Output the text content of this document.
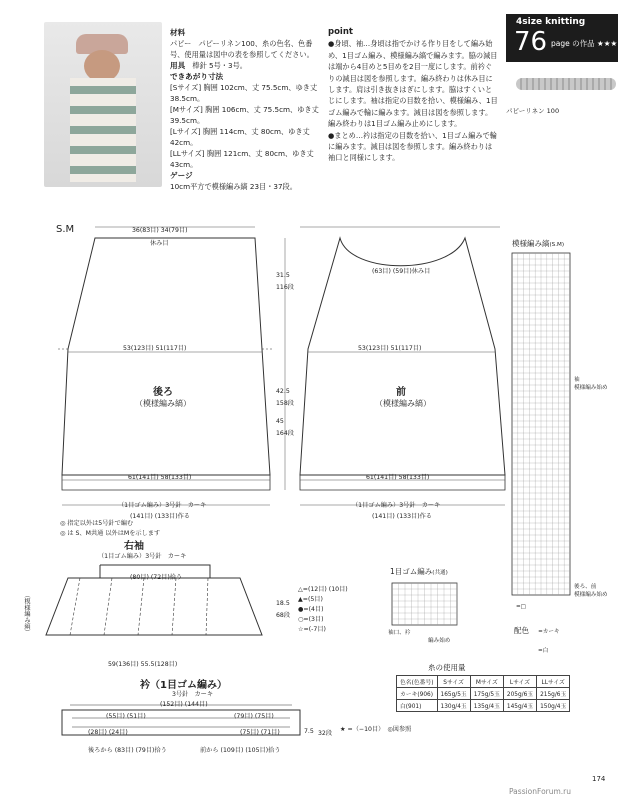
材料
パピー　パピーリネン100、糸の色名、色番号、使用量は図中の表を参照してください。
用具　 棒針 5号・3号。
できあがり寸法
[Sサイズ] 胸囲 102cm、丈 75.5cm、ゆき丈 38.5cm。
[Mサイズ] 胸囲 106cm、丈 75.5cm、ゆき丈 39.5cm。
[Lサイズ] 胸囲 114cm、丈 80cm、ゆき丈 42cm。
[LLサイズ] 胸囲 121cm、丈 80cm、ゆき丈 43cm。
ゲージ
10cm平方で模様編み縞 23目・37段。
point
●身頃、袖…身頃は指でかける作り目をして編み始め、1目ゴム編み、模様編み縞で編みます。脇の減目は端から4目めと5目めを2目一度にします。前衿ぐりの減目は図を参照します。編み終わりは休み目にします。肩は引き抜きはぎにします。脇はすくいとじにします。袖は指定の目数を拾い、模様編み、1目ゴム編みで輪に編みます。減目は図を参照します。編み終わりは1目ゴム編み止めにします。
●まとめ…衿は指定の目数を拾い、1目ゴム編みで輪に編みます。減目は図を参照します。編み終わりは袖口と同様にします。
4size knitting
76 page の作品 ★★★
パピーリネン 100
S.M	36(83目) 34(79目)
休み目
53(123目) 51(117目)
後ろ
（模様編み縞）
61(141目) 58(133目)
（1目ゴム編み）3号針　カーキ
(141目) (133目)作る
31.5
116段
42.5
158段
45
164段
(63目) (59目)休み目
53(123目) 51(117目)
前
（模様編み縞）
61(141目) 58(133目)
（1目ゴム編み）3号針　カーキ
(141目) (133目)作る
◎ 指定以外は5号針で編む
◎ は S、M共通 以外はMを示します
右袖
（1目ゴム編み）3号針　カーキ
(80目) (72目)拾う
59(136目) 55.5(128目)
（模様編み縞）	18.5
68段
△=(12目) (10目)
▲=(5目)
●=(4目)
○=(3目)
☆=(-7目)
衿（1目ゴム編み）
3号針　カーキ
(152目) (144目)
(55目) (51目)	(79目) (75目)
(75目) (71目)
(28目) (24目)
後ろから (83目) (79目)拾う	前から (109目) (105目)拾う
7.5 32段
★ =（−10目）　◎図参照
模様編み縞(S.M)
袖
模様編み始め
後ろ、前
模様編み始め
1目ゴム編み(共通)
袖口、衿
編み始め
配色 =カーキ
=白
=□
糸の使用量
色名(色番号)	Sサイズ	Mサイズ	Lサイズ	LLサイズ
カーキ(906)	165g/5玉	175g/5玉	205g/6玉	215g/6玉
白(901)	130g/4玉	135g/4玉	145g/4玉	150g/4玉
174
PassionForum.ru
